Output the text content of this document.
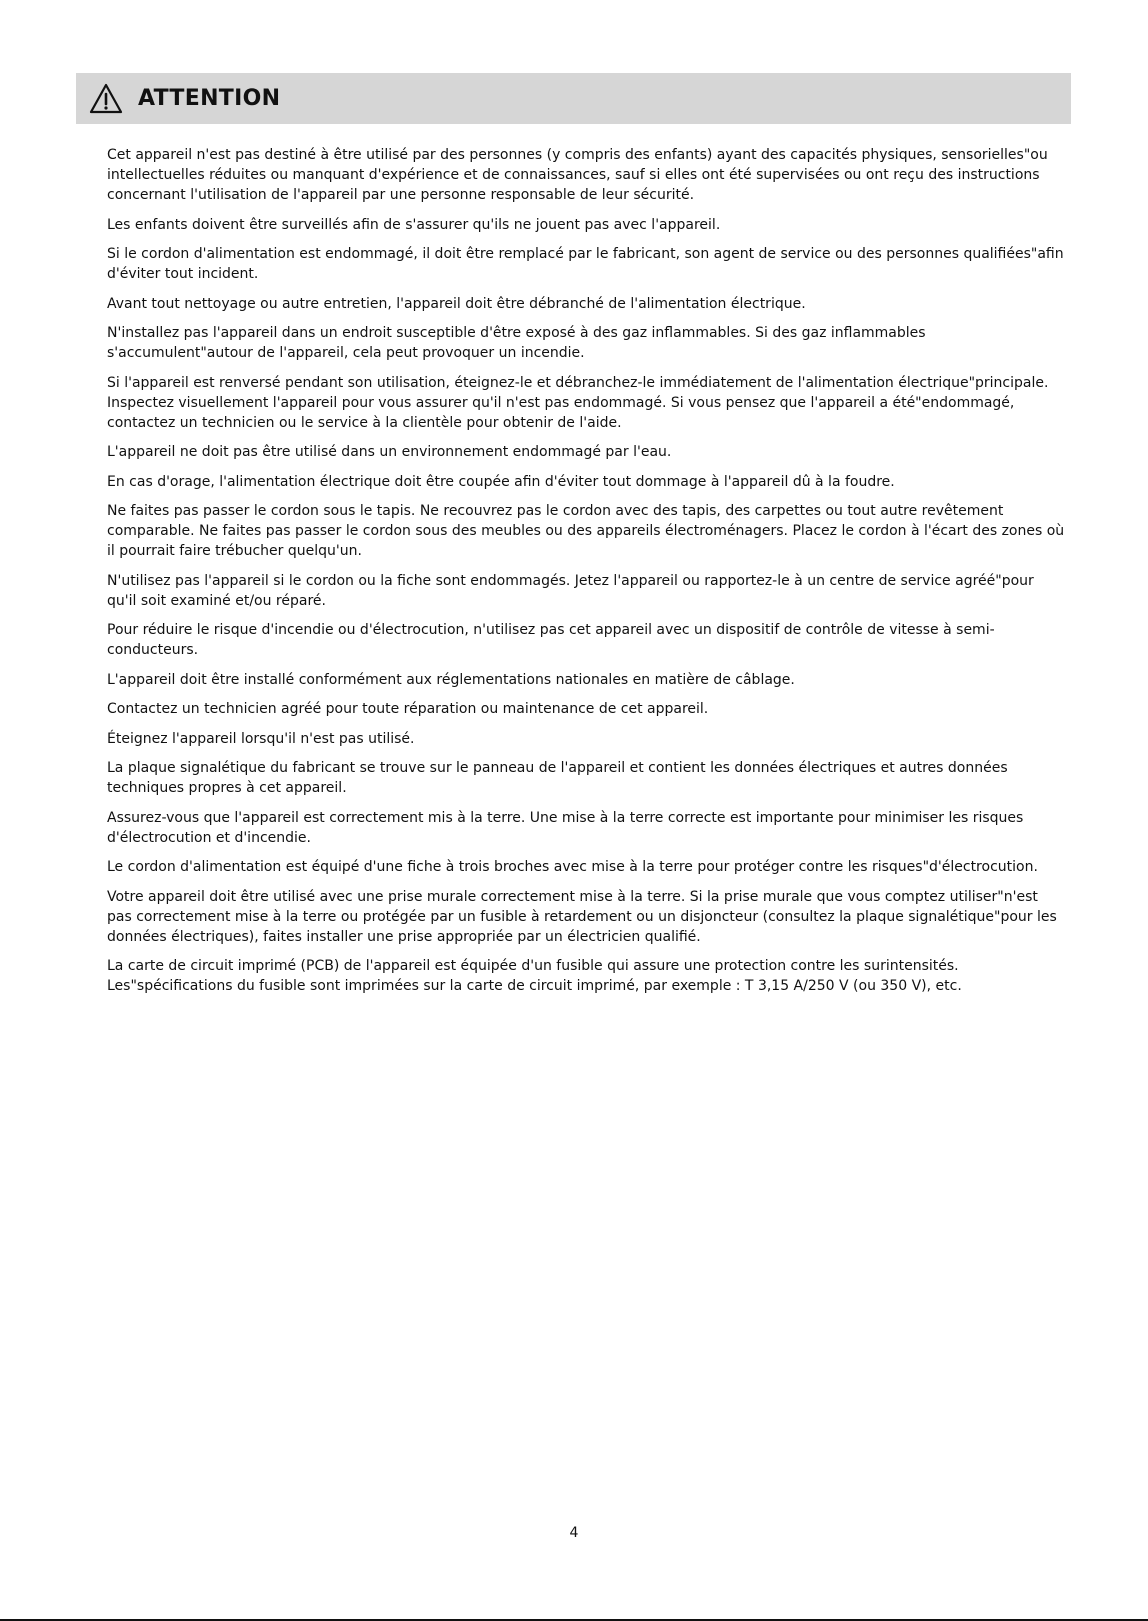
ATTENTION

Cet appareil n'est pas destiné à être utilisé par des personnes (y compris des enfants) ayant des capacités physiques, sensorielles"ou intellectuelles réduites ou manquant d'expérience et de connaissances, sauf si elles ont été supervisées ou ont reçu des instructions concernant l'utilisation de l'appareil par une personne responsable de leur sécurité.

Les enfants doivent être surveillés afin de s'assurer qu'ils ne jouent pas avec l'appareil.

Si le cordon d'alimentation est endommagé, il doit être remplacé par le fabricant, son agent de service ou des personnes qualifiées"afin d'éviter tout incident.

Avant tout nettoyage ou autre entretien, l'appareil doit être débranché de l'alimentation électrique.

N'installez pas l'appareil dans un endroit susceptible d'être exposé à des gaz inflammables. Si des gaz inflammables s'accumulent"autour de l'appareil, cela peut provoquer un incendie.

Si l'appareil est renversé pendant son utilisation, éteignez-le et débranchez-le immédiatement de l'alimentation électrique"principale. Inspectez visuellement l'appareil pour vous assurer qu'il n'est pas endommagé. Si vous pensez que l'appareil a été"endommagé, contactez un technicien ou le service à la clientèle pour obtenir de l'aide.

L'appareil ne doit pas être utilisé dans un environnement endommagé par l'eau.

En cas d'orage, l'alimentation électrique doit être coupée afin d'éviter tout dommage à l'appareil dû à la foudre.

Ne faites pas passer le cordon sous le tapis. Ne recouvrez pas le cordon avec des tapis, des carpettes ou tout autre revêtement comparable. Ne faites pas passer le cordon sous des meubles ou des appareils électroménagers. Placez le cordon à l'écart des zones où il pourrait faire trébucher quelqu'un.

N'utilisez pas l'appareil si le cordon ou la fiche sont endommagés. Jetez l'appareil ou rapportez-le à un centre de service agréé"pour qu'il soit examiné et/ou réparé.

Pour réduire le risque d'incendie ou d'électrocution, n'utilisez pas cet appareil avec un dispositif de contrôle de vitesse à semi-conducteurs.

L'appareil doit être installé conformément aux réglementations nationales en matière de câblage.

Contactez un technicien agréé pour toute réparation ou maintenance de cet appareil.

Éteignez l'appareil lorsqu'il n'est pas utilisé.

La plaque signalétique du fabricant se trouve sur le panneau de l'appareil et contient les données électriques et autres données techniques propres à cet appareil.

Assurez-vous que l'appareil est correctement mis à la terre. Une mise à la terre correcte est importante pour minimiser les risques d'électrocution et d'incendie.

Le cordon d'alimentation est équipé d'une fiche à trois broches avec mise à la terre pour protéger contre les risques"d'électrocution.

Votre appareil doit être utilisé avec une prise murale correctement mise à la terre. Si la prise murale que vous comptez utiliser"n'est pas correctement mise à la terre ou protégée par un fusible à retardement ou un disjoncteur (consultez la plaque signalétique"pour les données électriques), faites installer une prise appropriée par un électricien qualifié.

La carte de circuit imprimé (PCB) de l'appareil est équipée d'un fusible qui assure une protection contre les surintensités. Les"spécifications du fusible sont imprimées sur la carte de circuit imprimé, par exemple : T 3,15 A/250 V (ou 350 V), etc.

4
